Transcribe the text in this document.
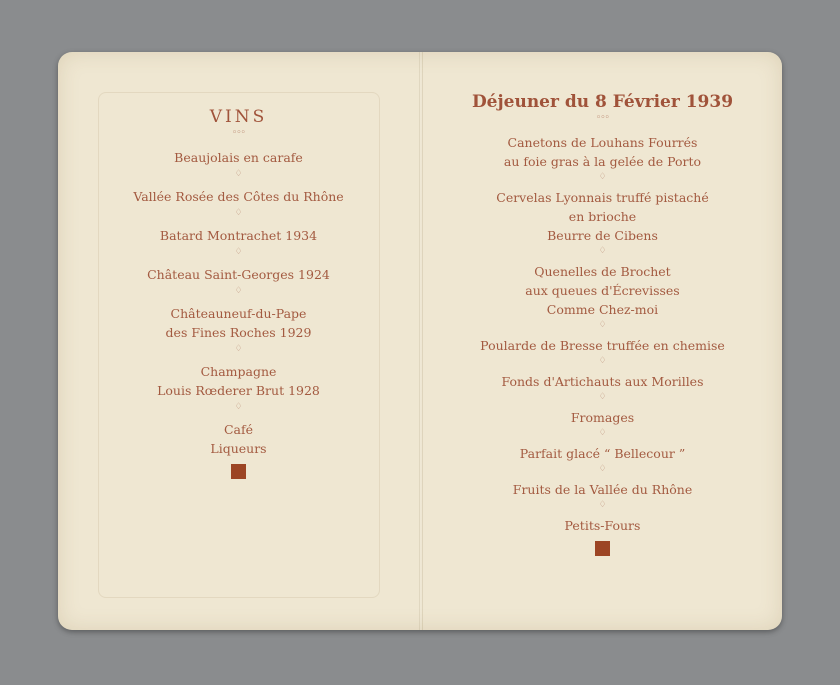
VINS
◦◦◦
Beaujolais en carafe
♢
Vallée Rosée des Côtes du Rhône
♢
Batard Montrachet 1934
♢
Château Saint-Georges 1924
♢
Châteauneuf-du-Pape
des Fines Roches 1929
♢
Champagne
Louis Rœderer Brut 1928
♢
Café
Liqueurs
Déjeuner du 8 Février 1939
◦◦◦
Canetons de Louhans Fourrés
au foie gras à la gelée de Porto
♢
Cervelas Lyonnais truffé pistaché
en brioche
Beurre de Cibens
♢
Quenelles de Brochet
aux queues d'Écrevisses
Comme Chez-moi
♢
Poularde de Bresse truffée en chemise
♢
Fonds d'Artichauts aux Morilles
♢
Fromages
♢
Parfait glacé “ Bellecour ”
♢
Fruits de la Vallée du Rhône
♢
Petits-Fours
